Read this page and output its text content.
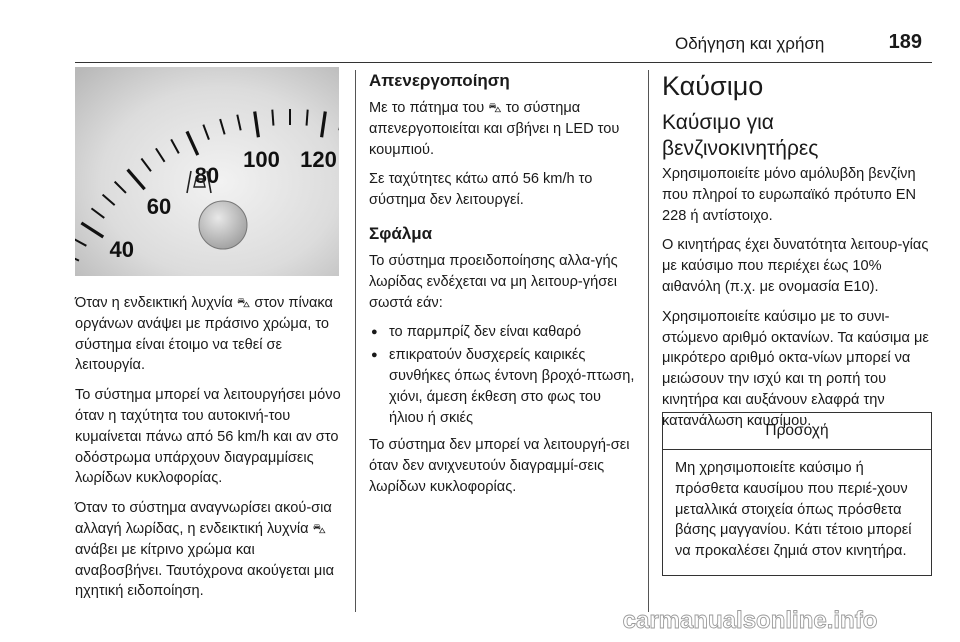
Οδήγηση και χρήση	189
40
60
80
100 120

Όταν η ενδεικτική λυχνία ⛍ στον πίνακα οργάνων ανάψει με πράσινο χρώμα, το σύστημα είναι έτοιμο να τεθεί σε λειτουργία.

Το σύστημα μπορεί να λειτουργήσει μόνο όταν η ταχύτητα του αυτοκινή-του κυμαίνεται πάνω από 56 km/h και αν στο οδόστρωμα υπάρχουν διαγραμμίσεις λωρίδων κυκλοφορίας.

Όταν το σύστημα αναγνωρίσει ακού-σια αλλαγή λωρίδας, η ενδεικτική λυχνία ⛍ ανάβει με κίτρινο χρώμα και αναβοσβήνει. Ταυτόχρονα ακούγεται μια ηχητική ειδοποίηση.

Απενεργοποίηση

Με το πάτημα του ⛍ το σύστημα απενεργοποιείται και σβήνει η LED του κουμπιού.

Σε ταχύτητες κάτω από 56 km/h το σύστημα δεν λειτουργεί.

Σφάλμα

Το σύστημα προειδοποίησης αλλα-γής λωρίδας ενδέχεται να μη λειτουρ-γήσει σωστά εάν:

● το παρμπρίζ δεν είναι καθαρό
● επικρατούν δυσχερείς καιρικές συνθήκες όπως έντονη βροχό-πτωση, χιόνι, άμεση έκθεση στο φως του ήλιου ή σκιές

Το σύστημα δεν μπορεί να λειτουργή-σει όταν δεν ανιχνευτούν διαγραμμί-σεις λωρίδων κυκλοφορίας.

Καύσιμο
Καύσιμο για βενζινοκινητήρες

Χρησιμοποιείτε μόνο αμόλυβδη βενζίνη που πληροί το ευρωπαϊκό πρότυπο EN 228 ή αντίστοιχο.

Ο κινητήρας έχει δυνατότητα λειτουρ-γίας με καύσιμο που περιέχει έως 10% αιθανόλη (π.χ. με ονομασία E10).

Χρησιμοποιείτε καύσιμο με το συνι-στώμενο αριθμό οκτανίων. Τα καύσιμα με μικρότερο αριθμό οκτα-νίων μπορεί να μειώσουν την ισχύ και τη ροπή του κινητήρα και αυξάνουν ελαφρά την κατανάλωση καυσίμου.

Προσοχή
Μη χρησιμοποιείτε καύσιμο ή πρόσθετα καυσίμου που περιέ-χουν μεταλλικά στοιχεία όπως πρόσθετα βάσης μαγγανίου. Κάτι τέτοιο μπορεί να προκαλέσει ζημιά στον κινητήρα.
carmanualsonline.info
